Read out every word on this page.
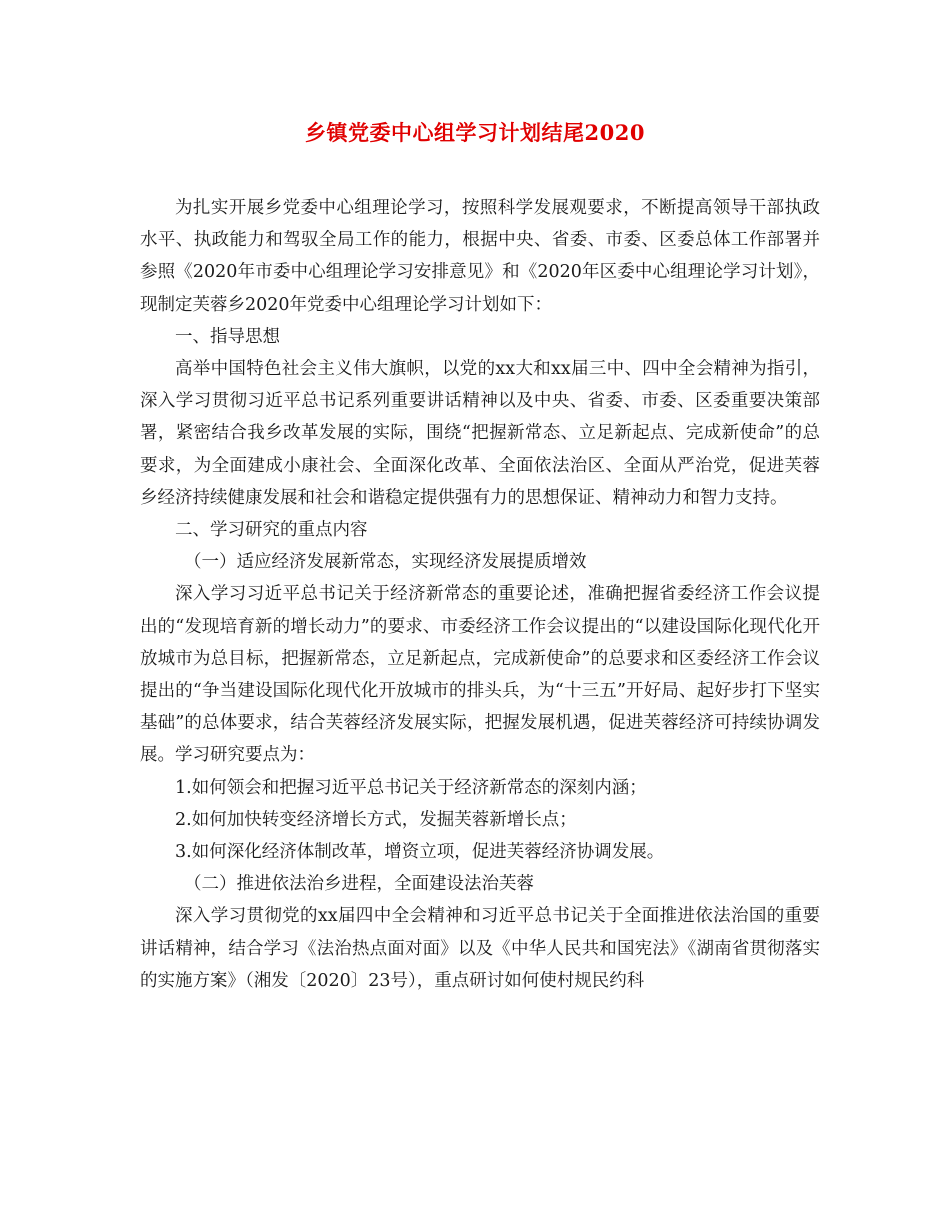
乡镇党委中心组学习计划结尾2020

为扎实开展乡党委中心组理论学习，按照科学发展观要求，不断提高领导干部执政水平、执政能力和驾驭全局工作的能力，根据中央、省委、市委、区委总体工作部署并参照《2020年市委中心组理论学习安排意见》和《2020年区委中心组理论学习计划》，现制定芙蓉乡2020年党委中心组理论学习计划如下：

一、指导思想

高举中国特色社会主义伟大旗帜，以党的xx大和xx届三中、四中全会精神为指引，深入学习贯彻习近平总书记系列重要讲话精神以及中央、省委、市委、区委重要决策部署，紧密结合我乡改革发展的实际，围绕“把握新常态、立足新起点、完成新使命”的总要求，为全面建成小康社会、全面深化改革、全面依法治区、全面从严治党，促进芙蓉乡经济持续健康发展和社会和谐稳定提供强有力的思想保证、精神动力和智力支持。

二、学习研究的重点内容

（一）适应经济发展新常态，实现经济发展提质增效

深入学习习近平总书记关于经济新常态的重要论述，准确把握省委经济工作会议提出的“发现培育新的增长动力”的要求、市委经济工作会议提出的“以建设国际化现代化开放城市为总目标，把握新常态，立足新起点，完成新使命”的总要求和区委经济工作会议提出的“争当建设国际化现代化开放城市的排头兵，为“十三五”开好局、起好步打下坚实基础”的总体要求，结合芙蓉经济发展实际，把握发展机遇，促进芙蓉经济可持续协调发展。学习研究要点为：

1.如何领会和把握习近平总书记关于经济新常态的深刻内涵；

2.如何加快转变经济增长方式，发掘芙蓉新增长点；

3.如何深化经济体制改革，增资立项，促进芙蓉经济协调发展。

（二）推进依法治乡进程，全面建设法治芙蓉

深入学习贯彻党的xx届四中全会精神和习近平总书记关于全面推进依法治国的重要讲话精神，结合学习《法治热点面对面》以及《中华人民共和国宪法》《湖南省贯彻落实的实施方案》（湘发〔2020〕23号），重点研讨如何使村规民约科
